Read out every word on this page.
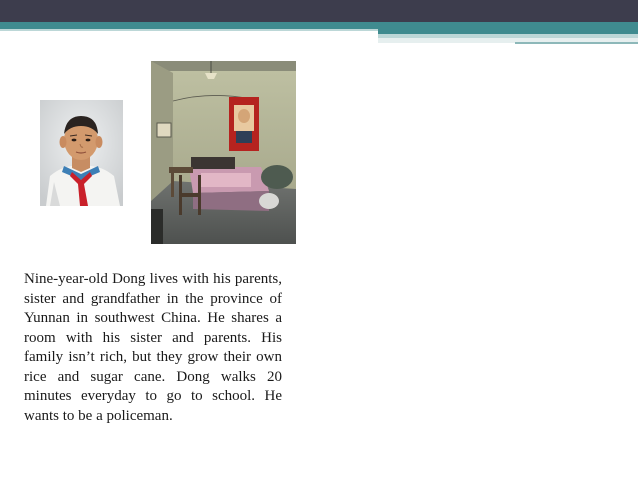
Nine-year-old Dong lives with his parents, sister and grandfather in the province of Yunnan in southwest China. He shares a room with his sister and parents. His family isn’t rich, but they grow their own rice and sugar cane. Dong walks 20 minutes everyday to go to school. He wants to be a policeman.
